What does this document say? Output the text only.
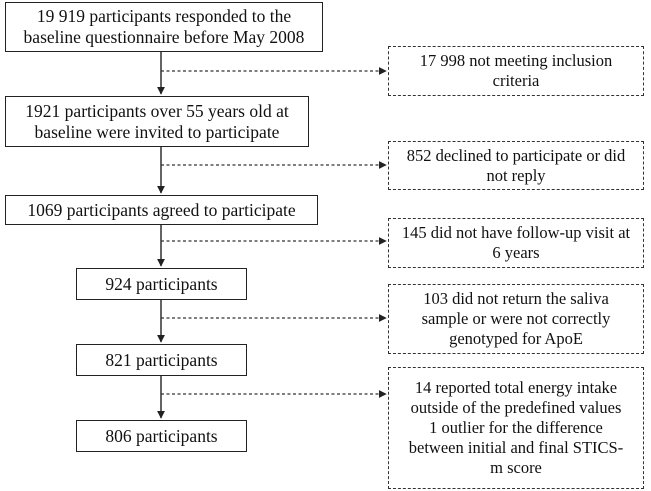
19 919 participants responded to the
baseline questionnaire before May 2008
1921 participants over 55 years old at
baseline were invited to participate
1069 participants agreed to participate
924 participants
821 participants
806 participants
17 998 not meeting inclusion
criteria
852 declined to participate or did
not reply
145 did not have follow-up visit at
6 years
103 did not return the saliva
sample or were not correctly
genotyped for ApoE
14 reported total energy intake
outside of the predefined values
1 outlier for the difference
between initial and final STICS-
m score
